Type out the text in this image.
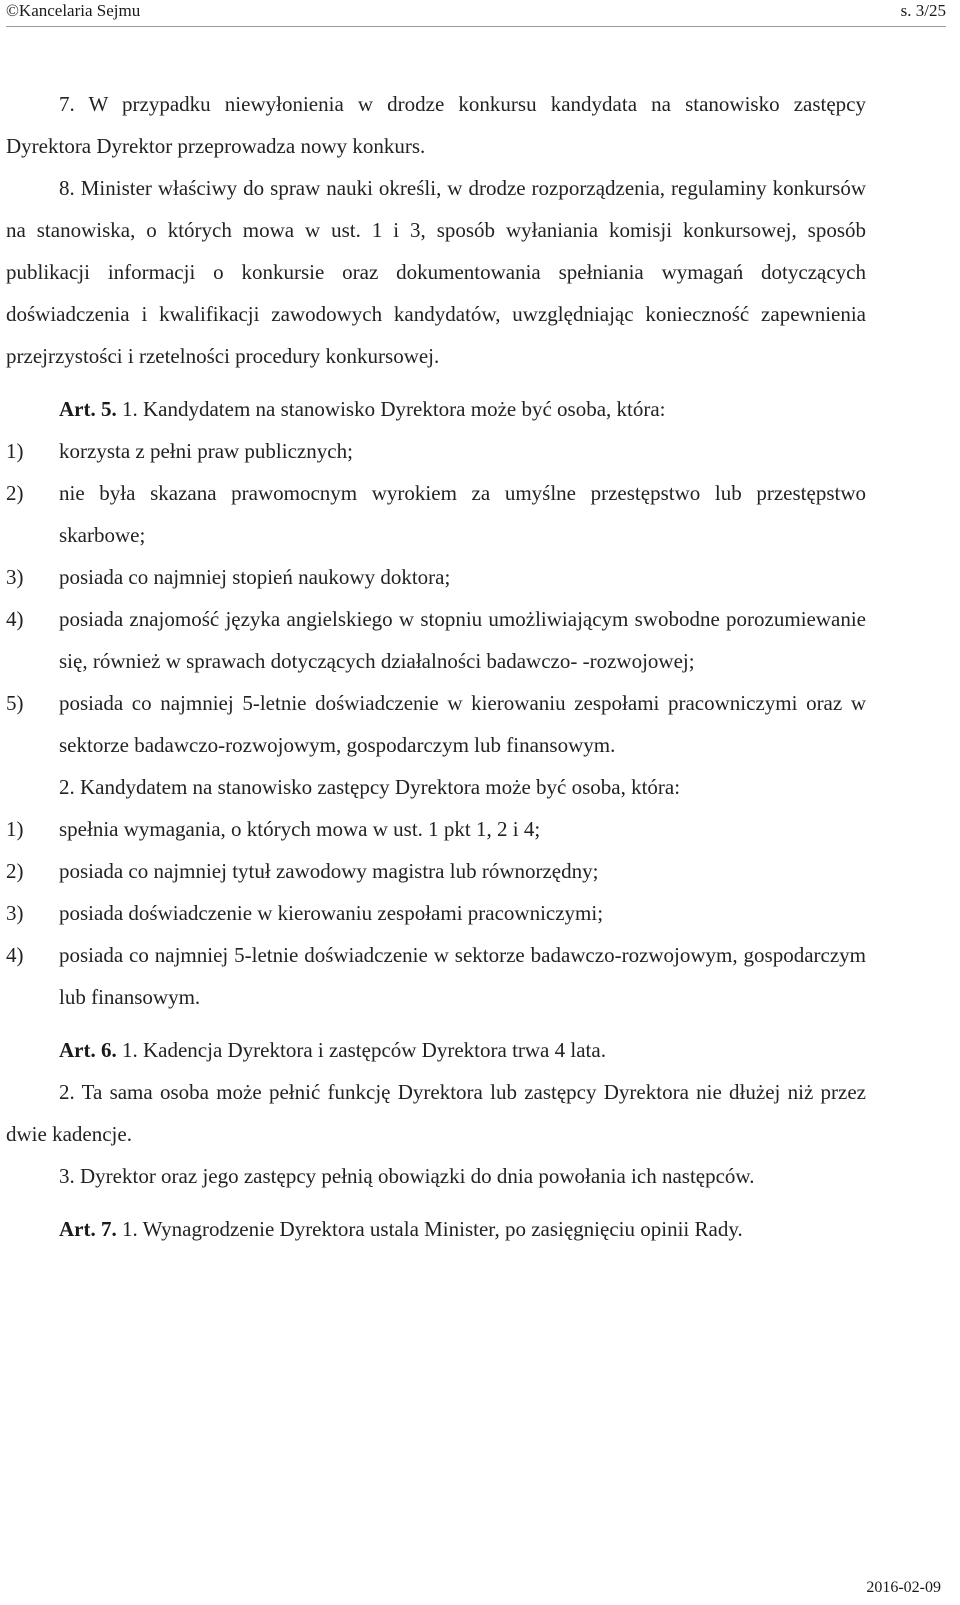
©Kancelaria Sejmu	s. 3/25

7. W przypadku niewyłonienia w drodze konkursu kandydata na stanowisko zastępcy Dyrektora Dyrektor przeprowadza nowy konkurs.

8. Minister właściwy do spraw nauki określi, w drodze rozporządzenia, regulaminy konkursów na stanowiska, o których mowa w ust. 1 i 3, sposób wyłaniania komisji konkursowej, sposób publikacji informacji o konkursie oraz dokumentowania spełniania wymagań dotyczących doświadczenia i kwalifikacji zawodowych kandydatów, uwzględniając konieczność zapewnienia przejrzystości i rzetelności procedury konkursowej.

Art. 5. 1. Kandydatem na stanowisko Dyrektora może być osoba, która:

1)	korzysta z pełni praw publicznych;
2)	nie była skazana prawomocnym wyrokiem za umyślne przestępstwo lub przestępstwo skarbowe;
3)	posiada co najmniej stopień naukowy doktora;
4)	posiada znajomość języka angielskiego w stopniu umożliwiającym swobodne porozumiewanie się, również w sprawach dotyczących działalności badawczo- -rozwojowej;
5)	posiada co najmniej 5-letnie doświadczenie w kierowaniu zespołami pracowniczymi oraz w sektorze badawczo-rozwojowym, gospodarczym lub finansowym.

2. Kandydatem na stanowisko zastępcy Dyrektora może być osoba, która:

1)	spełnia wymagania, o których mowa w ust. 1 pkt 1, 2 i 4;
2)	posiada co najmniej tytuł zawodowy magistra lub równorzędny;
3)	posiada doświadczenie w kierowaniu zespołami pracowniczymi;
4)	posiada co najmniej 5-letnie doświadczenie w sektorze badawczo-rozwojowym, gospodarczym lub finansowym.

Art. 6. 1. Kadencja Dyrektora i zastępców Dyrektora trwa 4 lata.

2. Ta sama osoba może pełnić funkcję Dyrektora lub zastępcy Dyrektora nie dłużej niż przez dwie kadencje.

3. Dyrektor oraz jego zastępcy pełnią obowiązki do dnia powołania ich następców.

Art. 7. 1. Wynagrodzenie Dyrektora ustala Minister, po zasięgnięciu opinii Rady.

2016-02-09
